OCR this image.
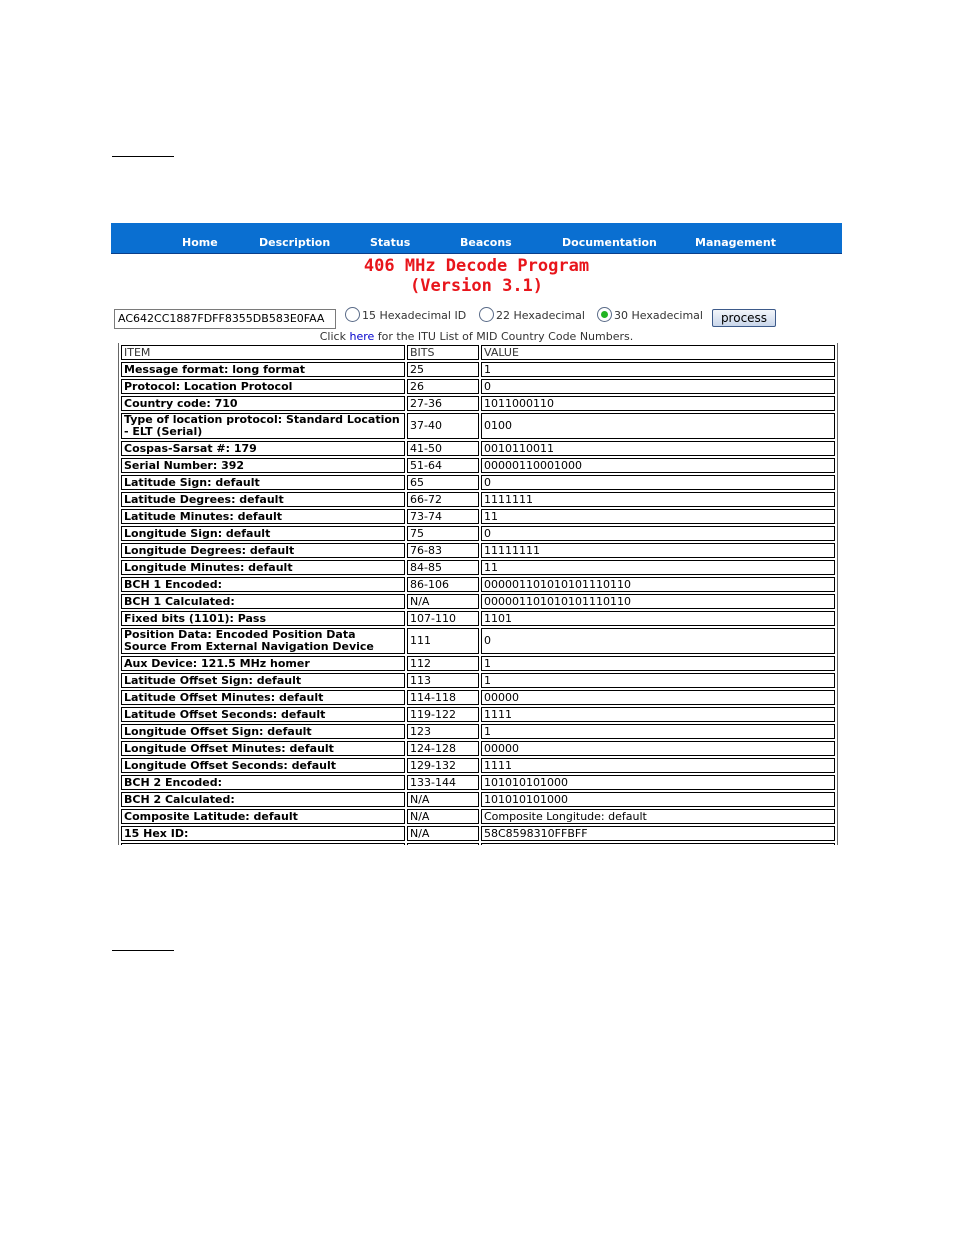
Home	Description	Status	Beacons	Documentation	Management
406 MHz Decode Program
(Version 3.1)
AC642CC1887FDFF8355DB583E0FAA	15 Hexadecimal ID	22 Hexadecimal	30 Hexadecimal	process
Click here for the ITU List of MID Country Code Numbers.
ITEM	BITS	VALUE
Message format: long format	25	1
Protocol: Location Protocol	26	0
Country code: 710	27-36	1011000110
Type of location protocol: Standard Location - ELT (Serial)	37-40	0100
Cospas-Sarsat #: 179	41-50	0010110011
Serial Number: 392	51-64	00000110001000
Latitude Sign: default	65	0
Latitude Degrees: default	66-72	1111111
Latitude Minutes: default	73-74	11
Longitude Sign: default	75	0
Longitude Degrees: default	76-83	11111111
Longitude Minutes: default	84-85	11
BCH 1 Encoded:	86-106	000001101010101110110
BCH 1 Calculated:	N/A	000001101010101110110
Fixed bits (1101): Pass	107-110	1101
Position Data: Encoded Position Data Source From External Navigation Device	111	0
Aux Device: 121.5 MHz homer	112	1
Latitude Offset Sign: default	113	1
Latitude Offset Minutes: default	114-118	00000
Latitude Offset Seconds: default	119-122	1111
Longitude Offset Sign: default	123	1
Longitude Offset Minutes: default	124-128	00000
Longitude Offset Seconds: default	129-132	1111
BCH 2 Encoded:	133-144	101010101000
BCH 2 Calculated:	N/A	101010101000
Composite Latitude: default	N/A	Composite Longitude: default
15 Hex ID:	N/A	58C8598310FFBFF
